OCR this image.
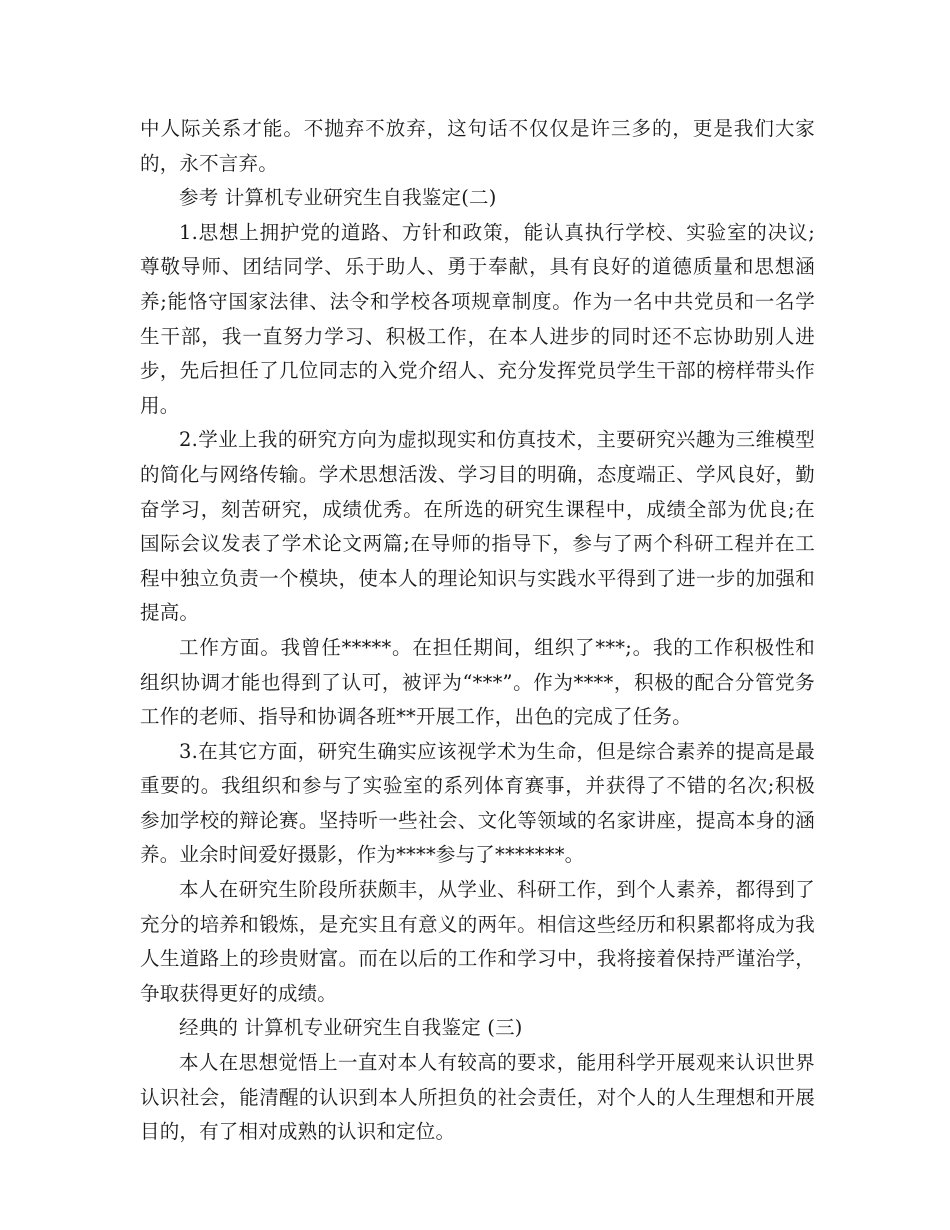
中人际关系才能。不抛弃不放弃，这句话不仅仅是许三多的，更是我们大家的，永不言弃。

参考 计算机专业研究生自我鉴定(二)

1.思想上拥护党的道路、方针和政策，能认真执行学校、实验室的决议;尊敬导师、团结同学、乐于助人、勇于奉献，具有良好的道德质量和思想涵养;能恪守国家法律、法令和学校各项规章制度。作为一名中共党员和一名学生干部，我一直努力学习、积极工作，在本人进步的同时还不忘协助别人进步，先后担任了几位同志的入党介绍人、充分发挥党员学生干部的榜样带头作用。

2.学业上我的研究方向为虚拟现实和仿真技术，主要研究兴趣为三维模型的简化与网络传输。学术思想活泼、学习目的明确，态度端正、学风良好，勤奋学习，刻苦研究，成绩优秀。在所选的研究生课程中，成绩全部为优良;在国际会议发表了学术论文两篇;在导师的指导下，参与了两个科研工程并在工程中独立负责一个模块，使本人的理论知识与实践水平得到了进一步的加强和提高。

工作方面。我曾任*****。在担任期间，组织了***;。我的工作积极性和组织协调才能也得到了认可，被评为“***”。作为****，积极的配合分管党务工作的老师、指导和协调各班**开展工作，出色的完成了任务。

3.在其它方面，研究生确实应该视学术为生命，但是综合素养的提高是最重要的。我组织和参与了实验室的系列体育赛事，并获得了不错的名次;积极参加学校的辩论赛。坚持听一些社会、文化等领域的名家讲座，提高本身的涵养。业余时间爱好摄影，作为****参与了*******。

本人在研究生阶段所获颇丰，从学业、科研工作，到个人素养，都得到了充分的培养和锻炼，是充实且有意义的两年。相信这些经历和积累都将成为我人生道路上的珍贵财富。而在以后的工作和学习中，我将接着保持严谨治学，争取获得更好的成绩。

经典的 计算机专业研究生自我鉴定 (三)

本人在思想觉悟上一直对本人有较高的要求，能用科学开展观来认识世界认识社会，能清醒的认识到本人所担负的社会责任，对个人的人生理想和开展目的，有了相对成熟的认识和定位。
